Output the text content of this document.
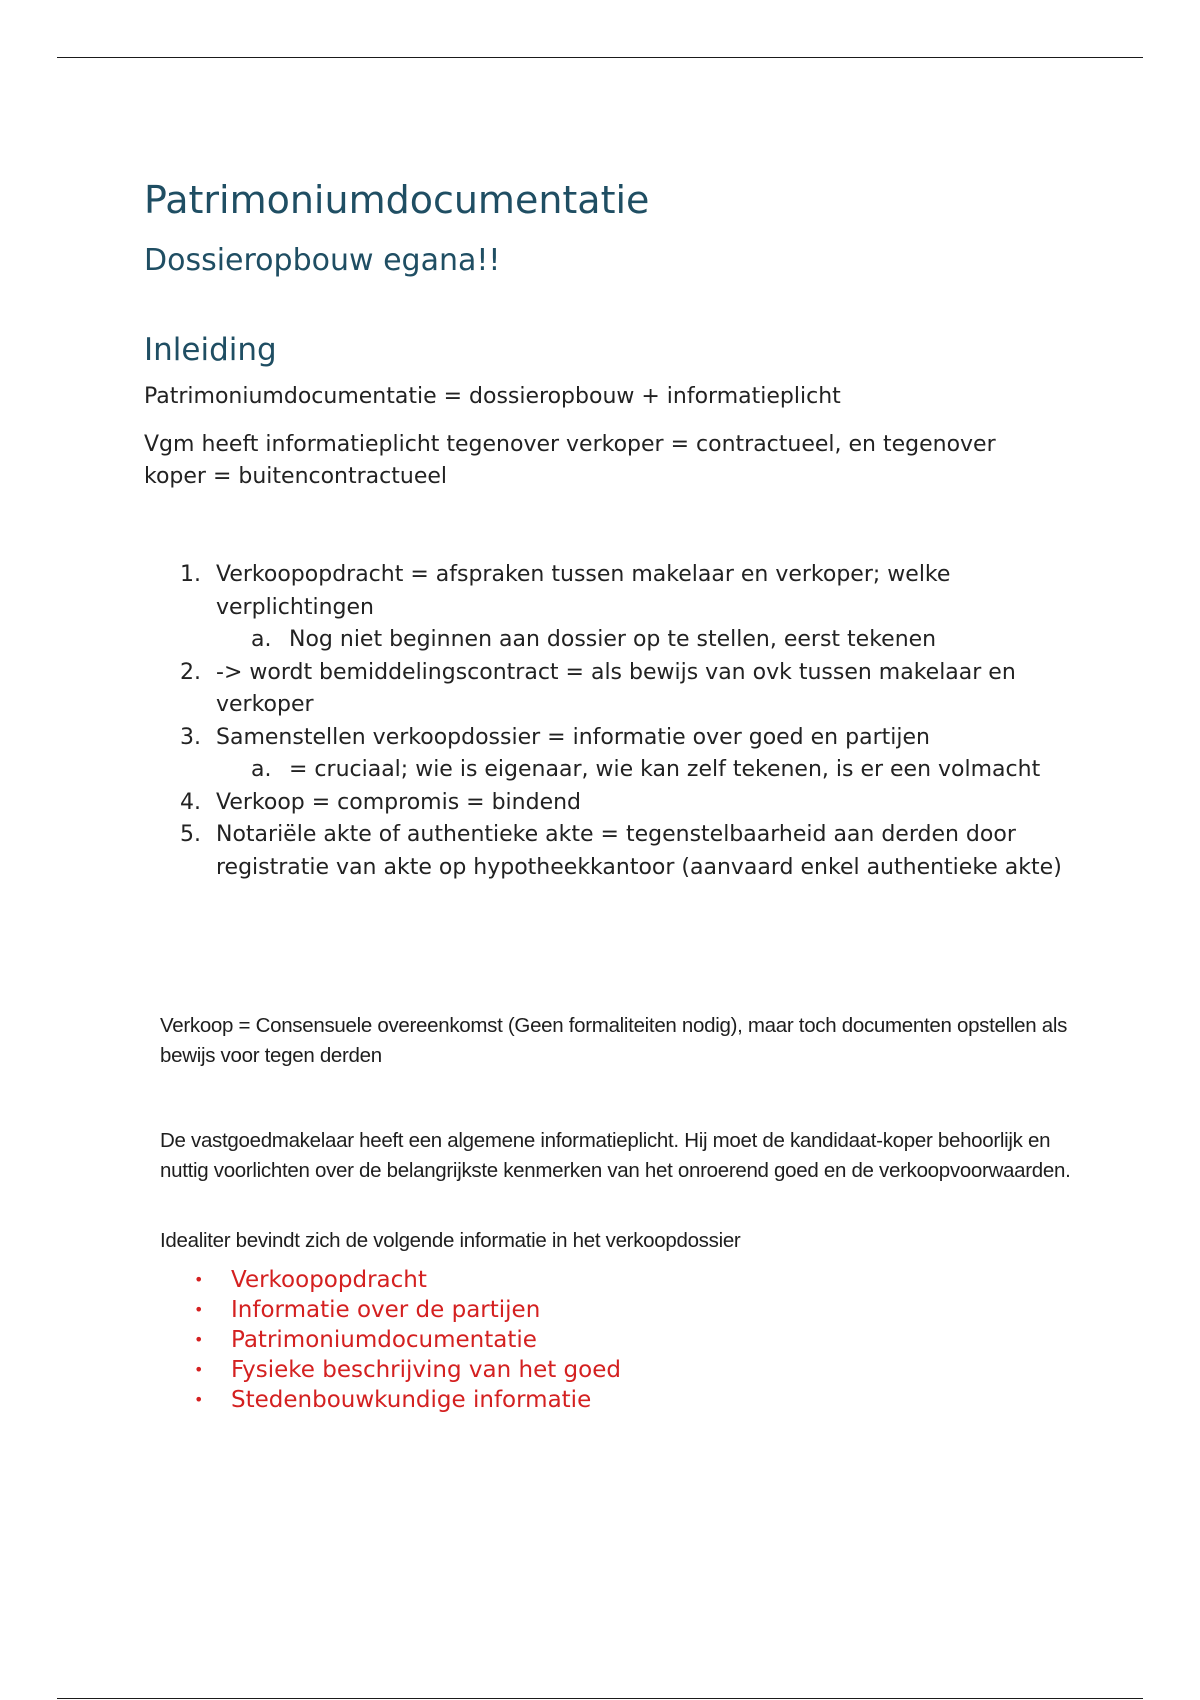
Patrimoniumdocumentatie
Dossieropbouw egana!!
Inleiding

Patrimoniumdocumentatie = dossieropbouw + informatieplicht

Vgm heeft informatieplicht tegenover verkoper = contractueel, en tegenover koper = buitencontractueel

1. Verkoopopdracht = afspraken tussen makelaar en verkoper; welke verplichtingen
a. Nog niet beginnen aan dossier op te stellen, eerst tekenen
2. -> wordt bemiddelingscontract = als bewijs van ovk tussen makelaar en verkoper
3. Samenstellen verkoopdossier = informatie over goed en partijen
a. = cruciaal; wie is eigenaar, wie kan zelf tekenen, is er een volmacht
4. Verkoop = compromis = bindend
5. Notariële akte of authentieke akte = tegenstelbaarheid aan derden door registratie van akte op hypotheekkantoor (aanvaard enkel authentieke akte)

Verkoop = Consensuele overeenkomst (Geen formaliteiten nodig), maar toch documenten opstellen als bewijs voor tegen derden

De vastgoedmakelaar heeft een algemene informatieplicht. Hij moet de kandidaat-koper behoorlijk en nuttig voorlichten over de belangrijkste kenmerken van het onroerend goed en de verkoopvoorwaarden.

Idealiter bevindt zich de volgende informatie in het verkoopdossier

• Verkoopopdracht
• Informatie over de partijen
• Patrimoniumdocumentatie
• Fysieke beschrijving van het goed
• Stedenbouwkundige informatie
